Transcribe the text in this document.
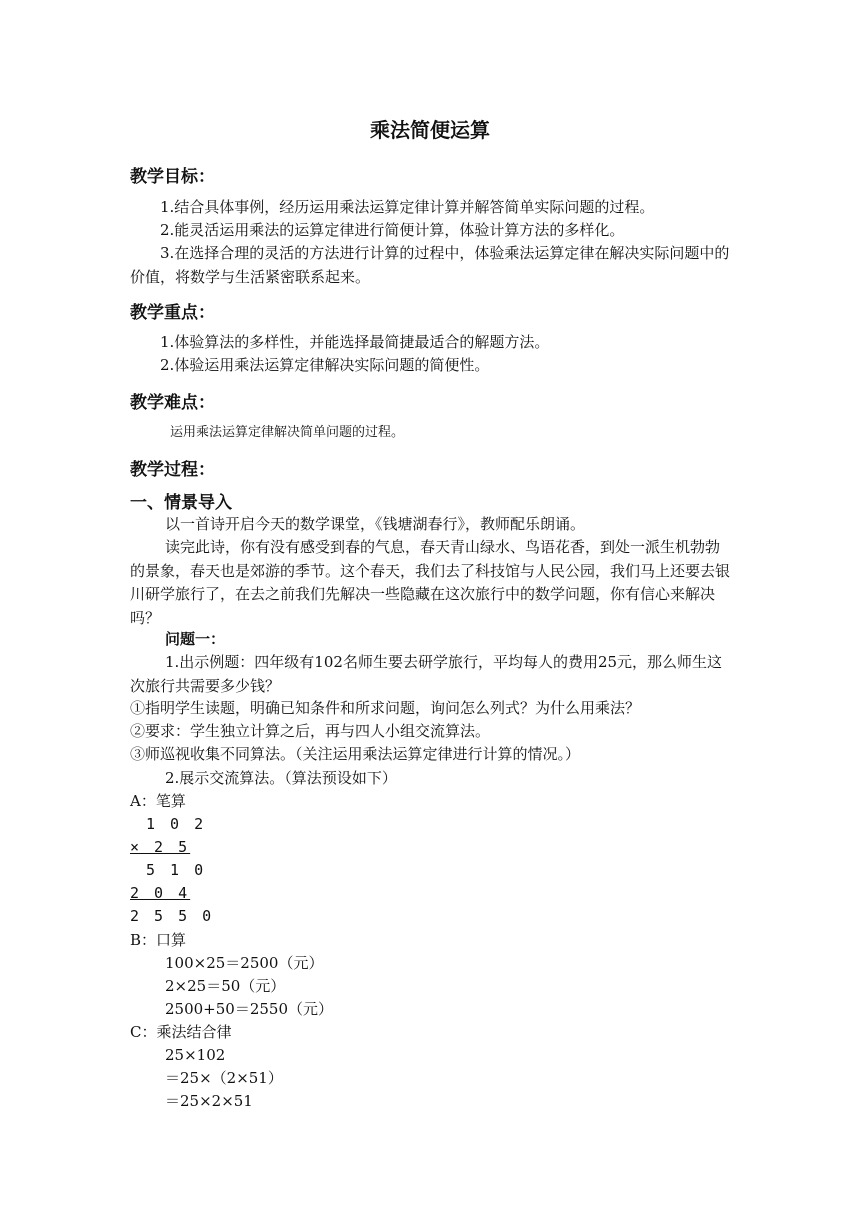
乘法简便运算
教学目标：
1.结合具体事例，经历运用乘法运算定律计算并解答简单实际问题的过程。
2.能灵活运用乘法的运算定律进行简便计算，体验计算方法的多样化。
3.在选择合理的灵活的方法进行计算的过程中，体验乘法运算定律在解决实际问题中的价值，将数学与生活紧密联系起来。
教学重点：
1.体验算法的多样性，并能选择最简捷最适合的解题方法。
2.体验运用乘法运算定律解决实际问题的简便性。
教学难点：
运用乘法运算定律解决简单问题的过程。
教学过程：
一、情景导入
以一首诗开启今天的数学课堂，《钱塘湖春行》，教师配乐朗诵。
读完此诗，你有没有感受到春的气息，春天青山绿水、鸟语花香，到处一派生机勃勃的景象，春天也是郊游的季节。这个春天，我们去了科技馆与人民公园，我们马上还要去银川研学旅行了，在去之前我们先解决一些隐藏在这次旅行中的数学问题，你有信心来解决吗？
问题一：
1.出示例题：四年级有102名师生要去研学旅行，平均每人的费用25元，那么师生这次旅行共需要多少钱？
①指明学生读题，明确已知条件和所求问题，询问怎么列式？为什么用乘法？
②要求：学生独立计算之后，再与四人小组交流算法。
③师巡视收集不同算法。（关注运用乘法运算定律进行计算的情况。）
2.展示交流算法。（算法预设如下）
A：笔算
1 0 2
× 2 5
5 1 0
2 0 4
2 5 5 0
B：口算
100×25＝2500（元）
2×25＝50（元）
2500+50＝2550（元）
C：乘法结合律
25×102
＝25×（2×51）
＝25×2×51
